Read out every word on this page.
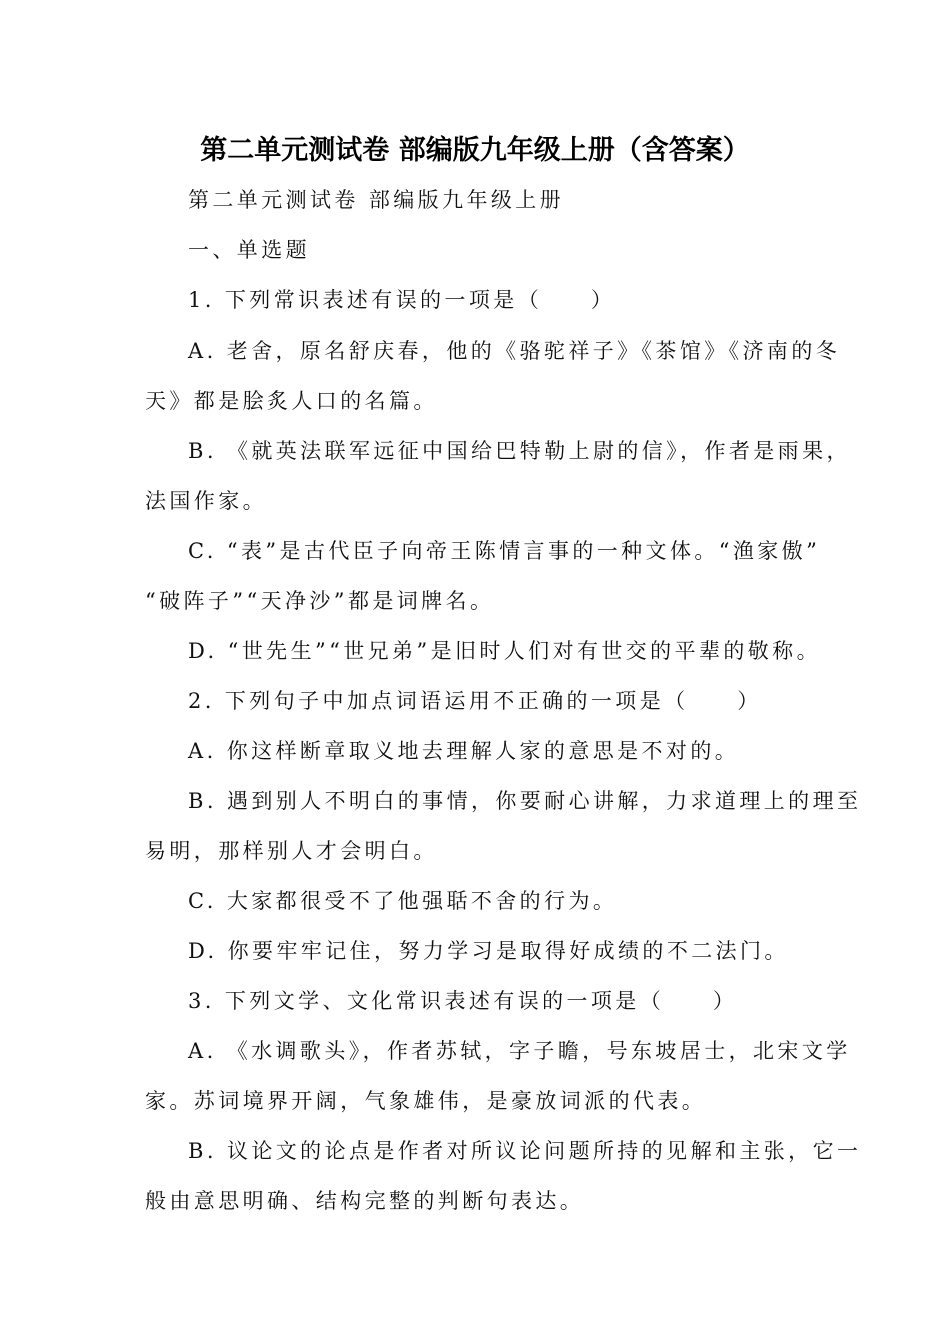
第二单元测试卷 部编版九年级上册（含答案）
第二单元测试卷 部编版九年级上册
一、单选题
1. 下列常识表述有误的一项是（　　）
A. 老舍，原名舒庆春，他的《骆驼祥子》《茶馆》《济南的冬
天》都是脍炙人口的名篇。
B. 《就英法联军远征中国给巴特勒上尉的信》，作者是雨果，
法国作家。
C. “表”是古代臣子向帝王陈情言事的一种文体。“渔家傲”
“破阵子”“天净沙”都是词牌名。
D. “世先生”“世兄弟”是旧时人们对有世交的平辈的敬称。
2. 下列句子中加点词语运用不正确的一项是（　　）
A. 你这样断章取义地去理解人家的意思是不对的。
B. 遇到别人不明白的事情，你要耐心讲解，力求道理上的理至
易明，那样别人才会明白。
C. 大家都很受不了他强聒不舍的行为。
D. 你要牢牢记住，努力学习是取得好成绩的不二法门。
3. 下列文学、文化常识表述有误的一项是（　　）
A. 《水调歌头》，作者苏轼，字子瞻，号东坡居士，北宋文学
家。苏词境界开阔，气象雄伟，是豪放词派的代表。
B. 议论文的论点是作者对所议论问题所持的见解和主张，它一
般由意思明确、结构完整的判断句表达。
